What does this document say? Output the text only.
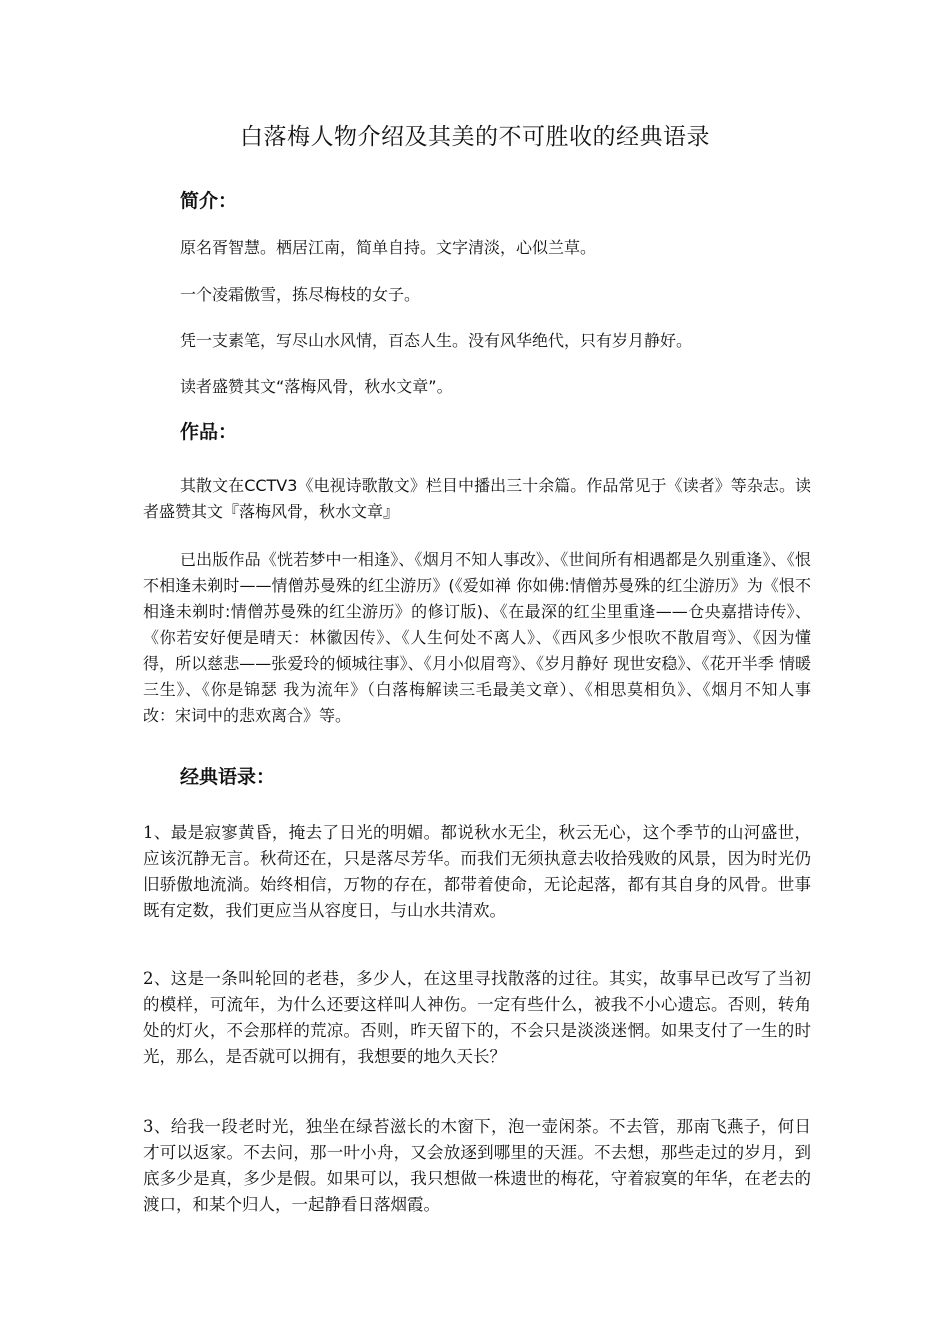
白落梅人物介绍及其美的不可胜收的经典语录
简介：
原名胥智慧。栖居江南，简单自持。文字清淡，心似兰草。
一个凌霜傲雪，拣尽梅枝的女子。
凭一支素笔，写尽山水风情，百态人生。没有风华绝代，只有岁月静好。
读者盛赞其文“落梅风骨，秋水文章”。
作品：
其散文在CCTV3《电视诗歌散文》栏目中播出三十余篇。作品常见于《读者》等杂志。读者盛赞其文『落梅风骨，秋水文章』
已出版作品《恍若梦中一相逢》、《烟月不知人事改》、《世间所有相遇都是久别重逢》、《恨不相逢未剃时——情僧苏曼殊的红尘游历》(《爱如禅 你如佛:情僧苏曼殊的红尘游历》为《恨不相逢未剃时:情僧苏曼殊的红尘游历》的修订版)、《在最深的红尘里重逢——仓央嘉措诗传》、《你若安好便是晴天：林徽因传》、《人生何处不离人》、《西风多少恨吹不散眉弯》、《因为懂得，所以慈悲——张爱玲的倾城往事》、《月小似眉弯》、《岁月静好 现世安稳》、《花开半季 情暖三生》、《你是锦瑟 我为流年》（白落梅解读三毛最美文章）、《相思莫相负》、《烟月不知人事改：宋词中的悲欢离合》等。
经典语录：
1、最是寂寥黄昏，掩去了日光的明媚。都说秋水无尘，秋云无心，这个季节的山河盛世，应该沉静无言。秋荷还在，只是落尽芳华。而我们无须执意去收拾残败的风景，因为时光仍旧骄傲地流淌。始终相信，万物的存在，都带着使命，无论起落，都有其自身的风骨。世事既有定数，我们更应当从容度日，与山水共清欢。
2、这是一条叫轮回的老巷，多少人，在这里寻找散落的过往。其实，故事早已改写了当初的模样，可流年，为什么还要这样叫人神伤。一定有些什么，被我不小心遗忘。否则，转角处的灯火，不会那样的荒凉。否则，昨天留下的，不会只是淡淡迷惘。如果支付了一生的时光，那么，是否就可以拥有，我想要的地久天长？
3、给我一段老时光，独坐在绿苔滋长的木窗下，泡一壶闲茶。不去管，那南飞燕子，何日才可以返家。不去问，那一叶小舟，又会放逐到哪里的天涯。不去想，那些走过的岁月，到底多少是真，多少是假。如果可以，我只想做一株遗世的梅花，守着寂寞的年华，在老去的渡口，和某个归人，一起静看日落烟霞。
